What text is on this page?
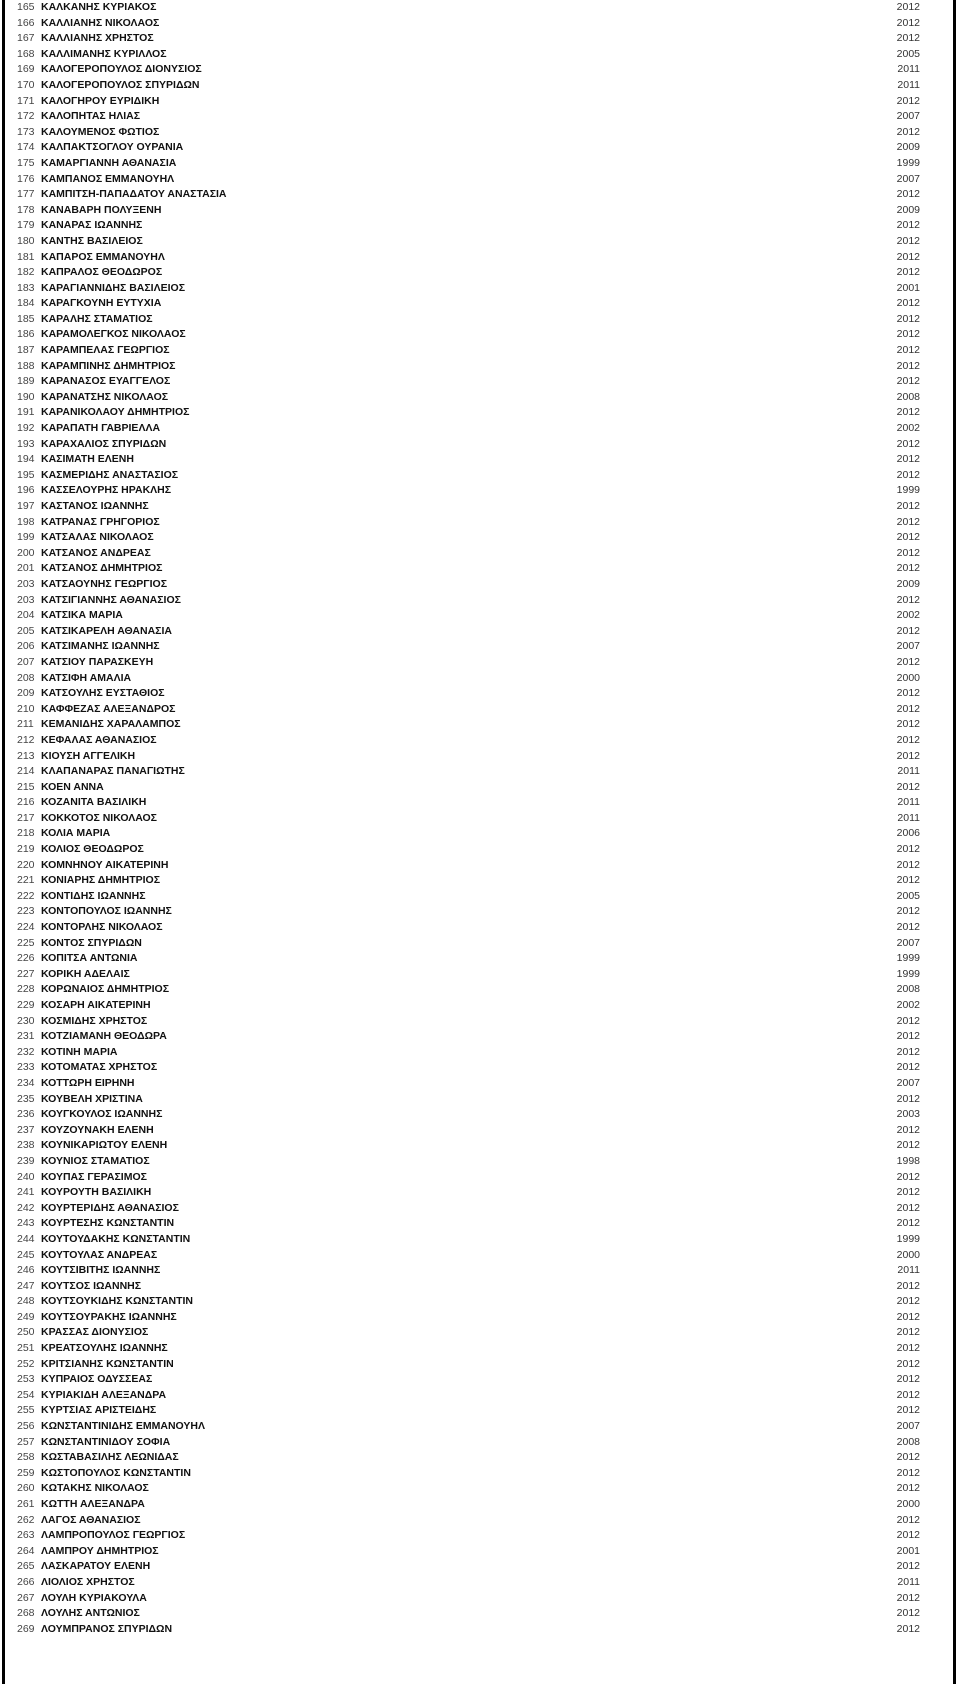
165 ΚΑΛΚΑΝΗΣ ΚΥΡΙΑΚΟΣ	2012
166 ΚΑΛΛΙΑΝΗΣ ΝΙΚΟΛΑΟΣ	2012
167 ΚΑΛΛΙΑΝΗΣ ΧΡΗΣΤΟΣ	2012
168 ΚΑΛΛΙΜΑΝΗΣ ΚΥΡΙΛΛΟΣ	2005
169 ΚΑΛΟΓΕΡΟΠΟΥΛΟΣ ΔΙΟΝΥΣΙΟΣ	2011
170 ΚΑΛΟΓΕΡΟΠΟΥΛΟΣ ΣΠΥΡΙΔΩΝ	2011
171 ΚΑΛΟΓΗΡΟΥ ΕΥΡΙΔΙΚΗ	2012
172 ΚΑΛΟΠΗΤΑΣ ΗΛΙΑΣ	2007
173 ΚΑΛΟΥΜΕΝΟΣ ΦΩΤΙΟΣ	2012
174 ΚΑΛΠΑΚΤΣΟΓΛΟΥ ΟΥΡΑΝΙΑ	2009
175 ΚΑΜΑΡΓΙΑΝΝΗ ΑΘΑΝΑΣΙΑ	1999
176 ΚΑΜΠΑΝΟΣ ΕΜΜΑΝΟΥΗΛ	2007
177 ΚΑΜΠΙΤΣΗ-ΠΑΠΑΔΑΤΟΥ ΑΝΑΣΤΑΣΙΑ	2012
178 ΚΑΝΑΒΑΡΗ ΠΟΛΥΞΕΝΗ	2009
179 ΚΑΝΑΡΑΣ ΙΩΑΝΝΗΣ	2012
180 ΚΑΝΤΗΣ ΒΑΣΙΛΕΙΟΣ	2012
181 ΚΑΠΑΡΟΣ ΕΜΜΑΝΟΥΗΛ	2012
182 ΚΑΠΡΑΛΟΣ ΘΕΟΔΩΡΟΣ	2012
183 ΚΑΡΑΓΙΑΝΝΙΔΗΣ ΒΑΣΙΛΕΙΟΣ	2001
184 ΚΑΡΑΓΚΟΥΝΗ ΕΥΤΥΧΙΑ	2012
185 ΚΑΡΑΛΗΣ ΣΤΑΜΑΤΙΟΣ	2012
186 ΚΑΡΑΜΟΛΕΓΚΟΣ ΝΙΚΟΛΑΟΣ	2012
187 ΚΑΡΑΜΠΕΛΑΣ ΓΕΩΡΓΙΟΣ	2012
188 ΚΑΡΑΜΠΙΝΗΣ ΔΗΜΗΤΡΙΟΣ	2012
189 ΚΑΡΑΝΑΣΟΣ ΕΥΑΓΓΕΛΟΣ	2012
190 ΚΑΡΑΝΑΤΣΗΣ ΝΙΚΟΛΑΟΣ	2008
191 ΚΑΡΑΝΙΚΟΛΑΟΥ ΔΗΜΗΤΡΙΟΣ	2012
192 ΚΑΡΑΠΑΤΗ ΓΑΒΡΙΕΛΛΑ	2002
193 ΚΑΡΑΧΑΛΙΟΣ ΣΠΥΡΙΔΩΝ	2012
194 ΚΑΣΙΜΑΤΗ ΕΛΕΝΗ	2012
195 ΚΑΣΜΕΡΙΔΗΣ ΑΝΑΣΤΑΣΙΟΣ	2012
196 ΚΑΣΣΕΛΟΥΡΗΣ ΗΡΑΚΛΗΣ	1999
197 ΚΑΣΤΑΝΟΣ ΙΩΑΝΝΗΣ	2012
198 ΚΑΤΡΑΝΑΣ ΓΡΗΓΟΡΙΟΣ	2012
199 ΚΑΤΣΑΛΑΣ ΝΙΚΟΛΑΟΣ	2012
200 ΚΑΤΣΑΝΟΣ ΑΝΔΡΕΑΣ	2012
201 ΚΑΤΣΑΝΟΣ ΔΗΜΗΤΡΙΟΣ	2012
203 ΚΑΤΣΑΟΥΝΗΣ ΓΕΩΡΓΙΟΣ	2009
203 ΚΑΤΣΙΓΙΑΝΝΗΣ ΑΘΑΝΑΣΙΟΣ	2012
204 ΚΑΤΣΙΚΑ ΜΑΡΙΑ	2002
205 ΚΑΤΣΙΚΑΡΕΛΗ ΑΘΑΝΑΣΙΑ	2012
206 ΚΑΤΣΙΜΑΝΗΣ ΙΩΑΝΝΗΣ	2007
207 ΚΑΤΣΙΟΥ ΠΑΡΑΣΚΕΥΗ	2012
208 ΚΑΤΣΙΦΗ ΑΜΑΛΙΑ	2000
209 ΚΑΤΣΟΥΛΗΣ ΕΥΣΤΑΘΙΟΣ	2012
210 ΚΑΦΦΕΖΑΣ ΑΛΕΞΑΝΔΡΟΣ	2012
211 ΚΕΜΑΝΙΔΗΣ ΧΑΡΑΛΑΜΠΟΣ	2012
212 ΚΕΦΑΛΑΣ ΑΘΑΝΑΣΙΟΣ	2012
213 ΚΙΟΥΣΗ ΑΓΓΕΛΙΚΗ	2012
214 ΚΛΑΠΑΝΑΡΑΣ ΠΑΝΑΓΙΩΤΗΣ	2011
215 ΚΟΕΝ ΑΝΝΑ	2012
216 ΚΟΖΑΝΙΤΑ ΒΑΣΙΛΙΚΗ	2011
217 ΚΟΚΚΟΤΟΣ ΝΙΚΟΛΑΟΣ	2011
218 ΚΟΛΙΑ ΜΑΡΙΑ	2006
219 ΚΟΛΙΟΣ ΘΕΟΔΩΡΟΣ	2012
220 ΚΟΜΝΗΝΟΥ ΑΙΚΑΤΕΡΙΝΗ	2012
221 ΚΟΝΙΑΡΗΣ ΔΗΜΗΤΡΙΟΣ	2012
222 ΚΟΝΤΙΔΗΣ ΙΩΑΝΝΗΣ	2005
223 ΚΟΝΤΟΠΟΥΛΟΣ ΙΩΑΝΝΗΣ	2012
224 ΚΟΝΤΟΡΛΗΣ ΝΙΚΟΛΑΟΣ	2012
225 ΚΟΝΤΟΣ ΣΠΥΡΙΔΩΝ	2007
226 ΚΟΠΙΤΣΑ ΑΝΤΩΝΙΑ	1999
227 ΚΟΡΙΚΗ ΑΔΕΛΑΙΣ	1999
228 ΚΟΡΩΝΑΙΟΣ ΔΗΜΗΤΡΙΟΣ	2008
229 ΚΟΣΑΡΗ ΑΙΚΑΤΕΡΙΝΗ	2002
230 ΚΟΣΜΙΔΗΣ ΧΡΗΣΤΟΣ	2012
231 ΚΟΤΖΙΑΜΑΝΗ ΘΕΟΔΩΡΑ	2012
232 ΚΟΤΙΝΗ ΜΑΡΙΑ	2012
233 ΚΟΤΟΜΑΤΑΣ ΧΡΗΣΤΟΣ	2012
234 ΚΟΤΤΩΡΗ ΕΙΡΗΝΗ	2007
235 ΚΟΥΒΕΛΗ ΧΡΙΣΤΙΝΑ	2012
236 ΚΟΥΓΚΟΥΛΟΣ ΙΩΑΝΝΗΣ	2003
237 ΚΟΥΖΟΥΝΑΚΗ ΕΛΕΝΗ	2012
238 ΚΟΥΝΙΚΑΡΙΩΤΟΥ ΕΛΕΝΗ	2012
239 ΚΟΥΝΙΟΣ ΣΤΑΜΑΤΙΟΣ	1998
240 ΚΟΥΠΑΣ ΓΕΡΑΣΙΜΟΣ	2012
241 ΚΟΥΡΟΥΤΗ ΒΑΣΙΛΙΚΗ	2012
242 ΚΟΥΡΤΕΡΙΔΗΣ ΑΘΑΝΑΣΙΟΣ	2012
243 ΚΟΥΡΤΕΣΗΣ ΚΩΝΣΤΑΝΤΙΝ	2012
244 ΚΟΥΤΟΥΔΑΚΗΣ ΚΩΝΣΤΑΝΤΙΝ	1999
245 ΚΟΥΤΟΥΛΑΣ ΑΝΔΡΕΑΣ	2000
246 ΚΟΥΤΣΙΒΙΤΗΣ ΙΩΑΝΝΗΣ	2011
247 ΚΟΥΤΣΟΣ ΙΩΑΝΝΗΣ	2012
248 ΚΟΥΤΣΟΥΚΙΔΗΣ ΚΩΝΣΤΑΝΤΙΝ	2012
249 ΚΟΥΤΣΟΥΡΑΚΗΣ ΙΩΑΝΝΗΣ	2012
250 ΚΡΑΣΣΑΣ ΔΙΟΝΥΣΙΟΣ	2012
251 ΚΡΕΑΤΣΟΥΛΗΣ ΙΩΑΝΝΗΣ	2012
252 ΚΡΙΤΣΙΑΝΗΣ ΚΩΝΣΤΑΝΤΙΝ	2012
253 ΚΥΠΡΑΙΟΣ ΟΔΥΣΣΕΑΣ	2012
254 ΚΥΡΙΑΚΙΔΗ ΑΛΕΞΑΝΔΡΑ	2012
255 ΚΥΡΤΣΙΑΣ ΑΡΙΣΤΕΙΔΗΣ	2012
256 ΚΩΝΣΤΑΝΤΙΝΙΔΗΣ ΕΜΜΑΝΟΥΗΛ	2007
257 ΚΩΝΣΤΑΝΤΙΝΙΔΟΥ ΣΟΦΙΑ	2008
258 ΚΩΣΤΑΒΑΣΙΛΗΣ ΛΕΩΝΙΔΑΣ	2012
259 ΚΩΣΤΟΠΟΥΛΟΣ ΚΩΝΣΤΑΝΤΙΝ	2012
260 ΚΩΤΑΚΗΣ ΝΙΚΟΛΑΟΣ	2012
261 ΚΩΤΤΗ ΑΛΕΞΑΝΔΡΑ	2000
262 ΛΑΓΟΣ ΑΘΑΝΑΣΙΟΣ	2012
263 ΛΑΜΠΡΟΠΟΥΛΟΣ ΓΕΩΡΓΙΟΣ	2012
264 ΛΑΜΠΡΟΥ ΔΗΜΗΤΡΙΟΣ	2001
265 ΛΑΣΚΑΡΑΤΟΥ ΕΛΕΝΗ	2012
266 ΛΙΟΛΙΟΣ ΧΡΗΣΤΟΣ	2011
267 ΛΟΥΛΗ ΚΥΡΙΑΚΟΥΛΑ	2012
268 ΛΟΥΛΗΣ ΑΝΤΩΝΙΟΣ	2012
269 ΛΟΥΜΠΡΑΝΟΣ ΣΠΥΡΙΔΩΝ	2012
